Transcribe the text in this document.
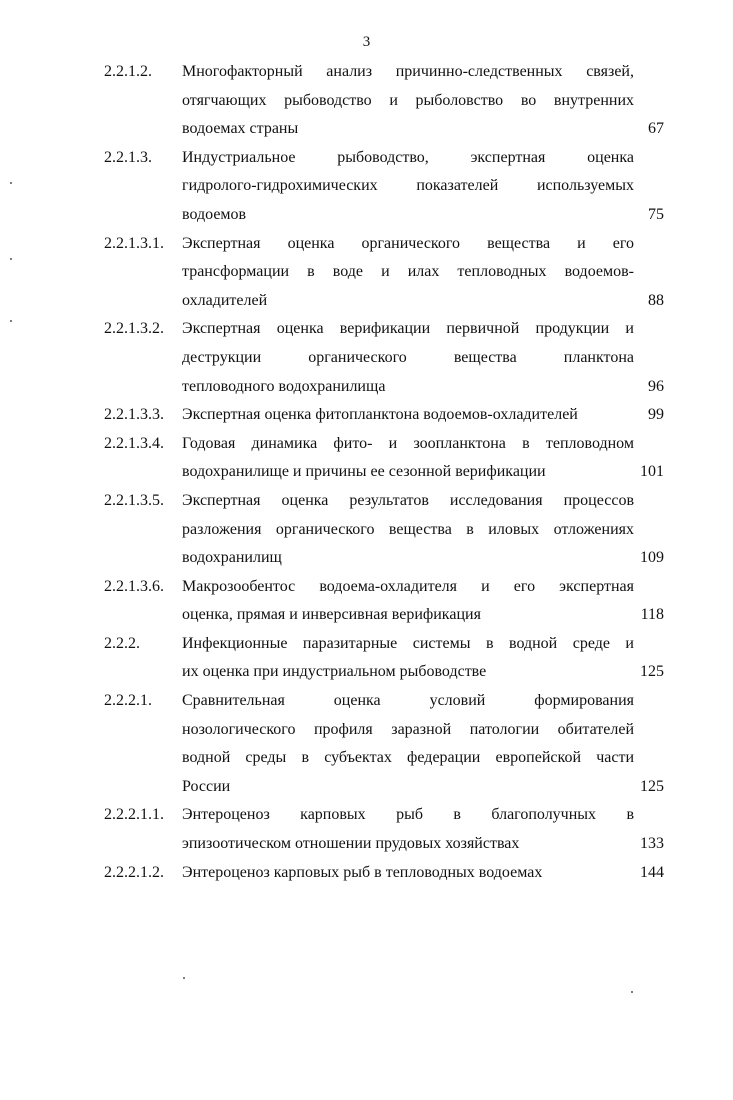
3
2.2.1.2.	Многофакторный анализ причинно-следственных связей,
отягчающих рыбоводство и рыболовство во внутренних
водоемах страны	67
2.2.1.3.	Индустриальное рыбоводство, экспертная оценка
гидролого-гидрохимических показателей используемых
водоемов	75
2.2.1.3.1.	Экспертная оценка органического вещества и его
трансформации в воде и илах тепловодных водоемов-
охладителей	88
2.2.1.3.2.	Экспертная оценка верификации первичной продукции и
деструкции органического вещества планктона
тепловодного водохранилища	96
2.2.1.3.3.	Экспертная оценка фитопланктона водоемов-охладителей	99
2.2.1.3.4.	Годовая динамика фито- и зоопланктона в тепловодном
водохранилище и причины ее сезонной верификации	101
2.2.1.3.5.	Экспертная оценка результатов исследования процессов
разложения органического вещества в иловых отложениях
водохранилищ	109
2.2.1.3.6.	Макрозообентос водоема-охладителя и его экспертная
оценка, прямая и инверсивная верификация	118
2.2.2.	Инфекционные паразитарные системы в водной среде и
их оценка при индустриальном рыбоводстве	125
2.2.2.1.	Сравнительная оценка условий формирования
нозологического профиля заразной патологии обитателей
водной среды в субъектах федерации европейской части
России	125
2.2.2.1.1.	Энтероценоз карповых рыб в благополучных в
эпизоотическом отношении прудовых хозяйствах	133
2.2.2.1.2.	Энтероценоз карповых рыб в тепловодных водоемах	144
